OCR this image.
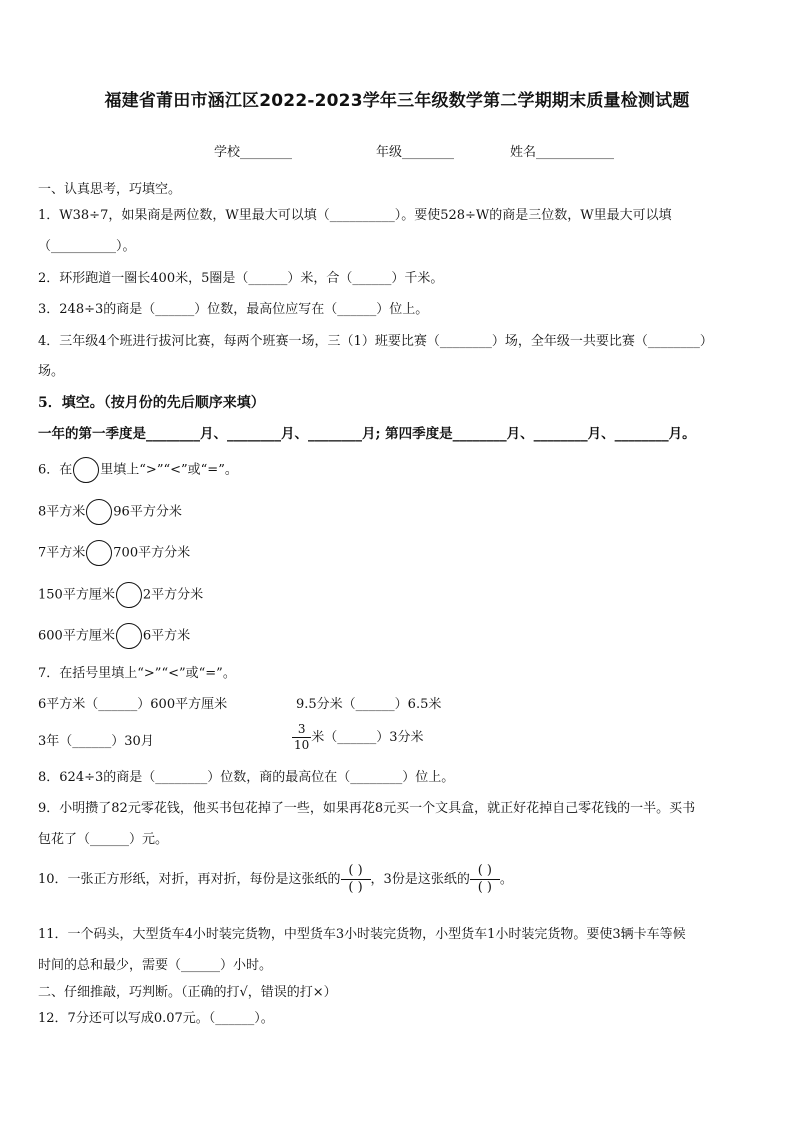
福建省莆田市涵江区2022-2023学年三年级数学第二学期期末质量检测试题
学校________	年级________	姓名____________
一、认真思考，巧填空。
1．W38÷7，如果商是两位数，W里最大可以填（__________）。要使528÷W的商是三位数，W里最大可以填
（__________）。
2．环形跑道一圈长400米，5圈是（______）米，合（______）千米。
3．248÷3的商是（______）位数，最高位应写在（______）位上。
4．三年级4个班进行拔河比赛，每两个班赛一场，三（1）班要比赛（________）场，全年级一共要比赛（________）
场。
5．填空。（按月份的先后顺序来填）
一年的第一季度是________月、________月、________月; 第四季度是________月、________月、________月。
6．在 里填上“>”“<”或“=”。
8平方米 96平方分米
7平方米 700平方分米
150平方厘米 2平方分米
600平方厘米 6平方米
7．在括号里填上“>”“<”或“=”。
6平方米（______）600平方厘米	9.5分米（______）6.5米
3年（______）30月	$\frac{3}{10}$ 米（______）3分米
8．624÷3的商是（________）位数，商的最高位在（________）位上。
9．小明攒了82元零花钱，他买书包花掉了一些，如果再花8元买一个文具盒，就正好花掉自己零花钱的一半。买书
包花了（______）元。
10．一张正方形纸，对折，再对折，每份是这张纸的
( )
( )
，3份是这张纸的
( )
( )
。
11．一个码头，大型货车4小时装完货物，中型货车3小时装完货物，小型货车1小时装完货物。要使3辆卡车等候
时间的总和最少，需要（______）小时。
二、仔细推敲，巧判断。（正确的打√，错误的打×）
12．7分还可以写成0.07元。（______）。
